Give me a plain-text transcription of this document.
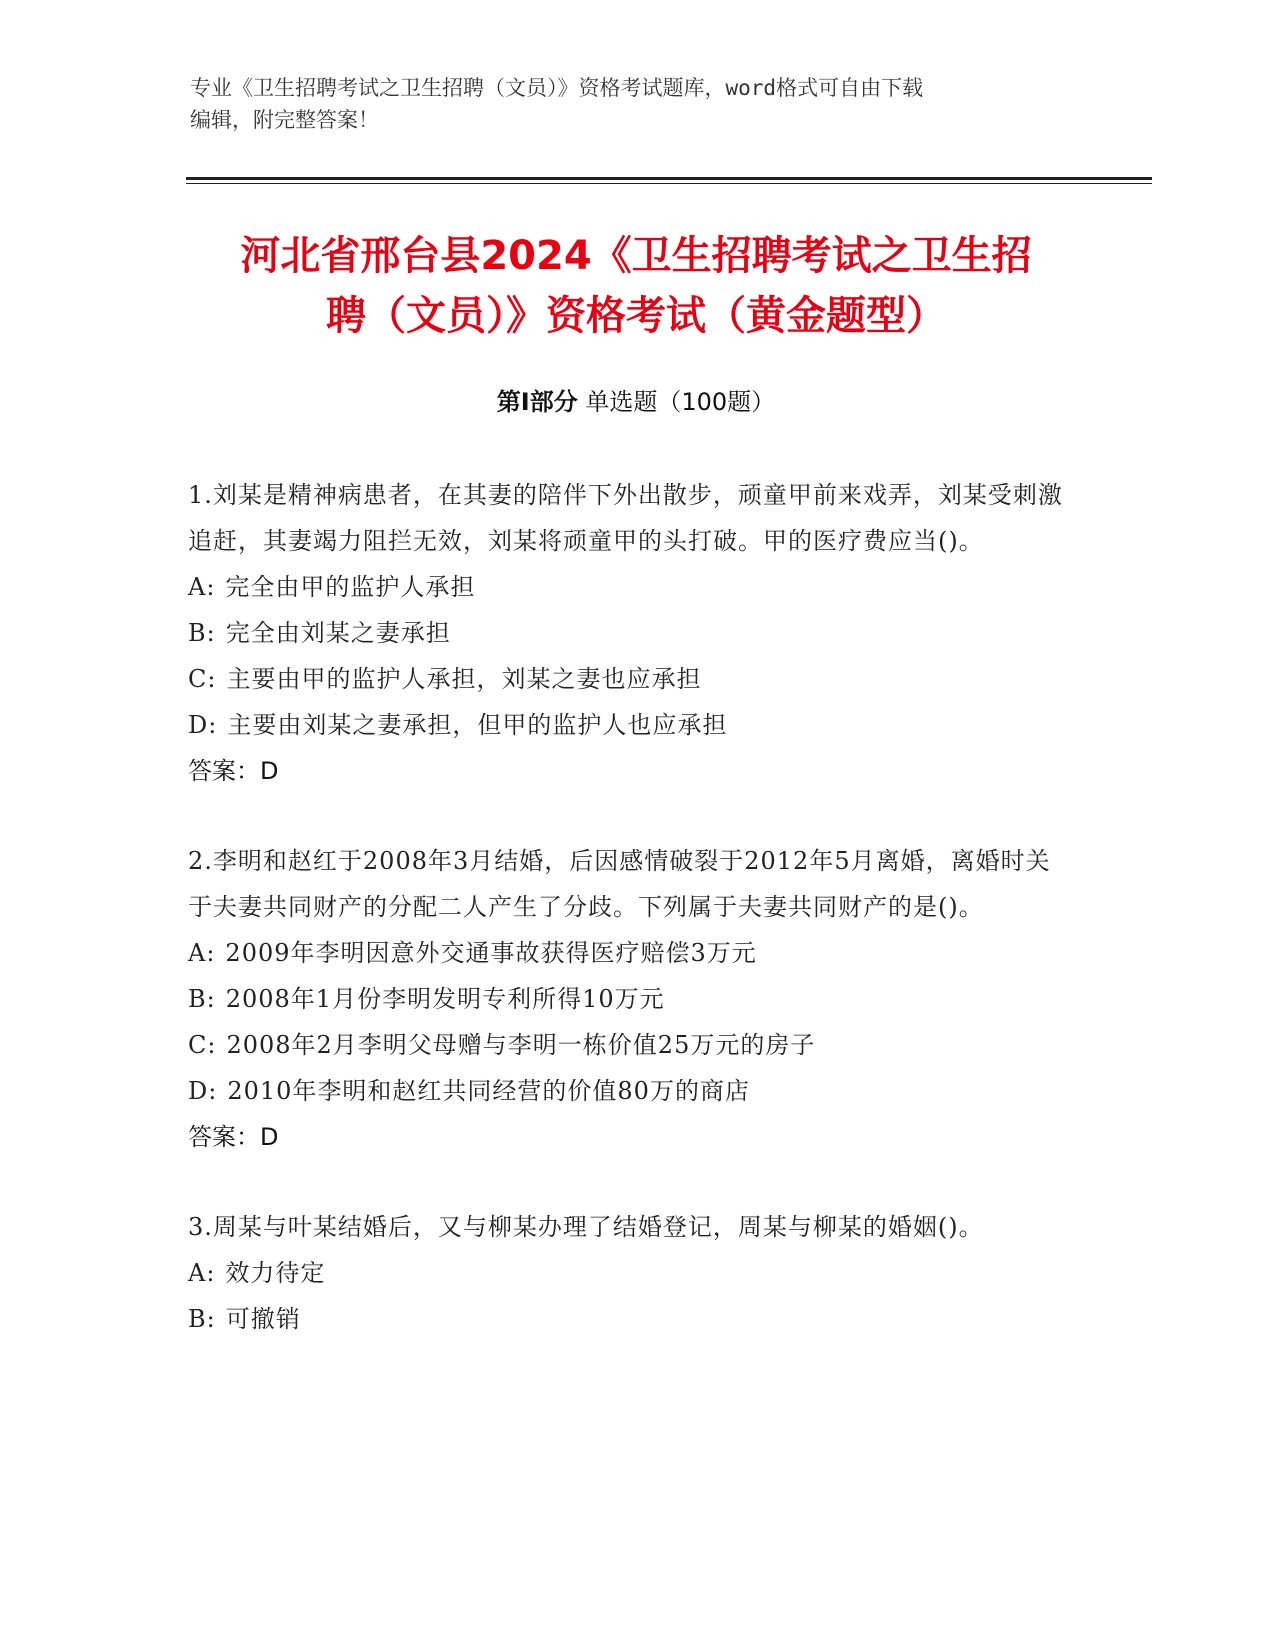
专业《卫生招聘考试之卫生招聘（文员）》资格考试题库，word格式可自由下载
编辑，附完整答案！
河北省邢台县2024《卫生招聘考试之卫生招
聘（文员）》资格考试（黄金题型）
第Ⅰ部分 单选题（100题）
1.刘某是精神病患者，在其妻的陪伴下外出散步，顽童甲前来戏弄，刘某受刺激追赶，其妻竭力阻拦无效，刘某将顽童甲的头打破。甲的医疗费应当()。
A: 完全由甲的监护人承担
B: 完全由刘某之妻承担
C: 主要由甲的监护人承担，刘某之妻也应承担
D: 主要由刘某之妻承担，但甲的监护人也应承担
答案：D
2.李明和赵红于2008年3月结婚，后因感情破裂于2012年5月离婚，离婚时关于夫妻共同财产的分配二人产生了分歧。下列属于夫妻共同财产的是()。
A: 2009年李明因意外交通事故获得医疗赔偿3万元
B: 2008年1月份李明发明专利所得10万元
C: 2008年2月李明父母赠与李明一栋价值25万元的房子
D: 2010年李明和赵红共同经营的价值80万的商店
答案：D
3.周某与叶某结婚后，又与柳某办理了结婚登记，周某与柳某的婚姻()。
A: 效力待定
B: 可撤销
